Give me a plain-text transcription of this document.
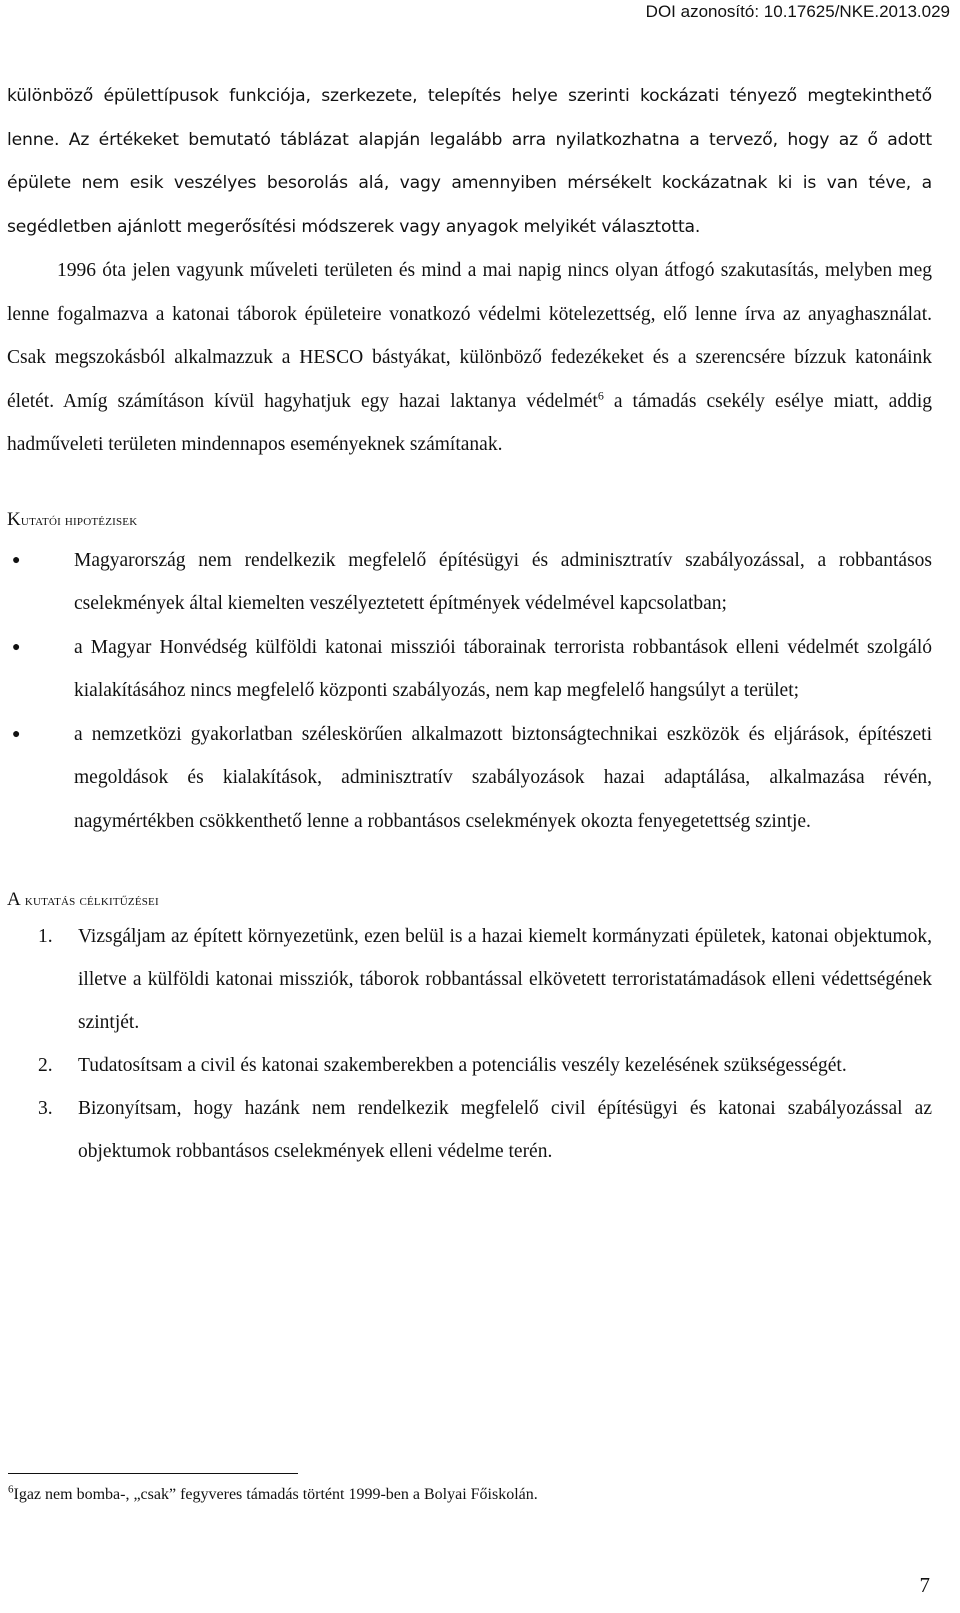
DOI azonosító: 10.17625/NKE.2013.029

különböző épülettípusok funkciója, szerkezete, telepítés helye szerinti kockázati tényező megtekinthető lenne. Az értékeket bemutató táblázat alapján legalább arra nyilatkozhatna a tervező, hogy az ő adott épülete nem esik veszélyes besorolás alá, vagy amennyiben mérsékelt kockázatnak ki is van téve, a segédletben ajánlott megerősítési módszerek vagy anyagok melyikét választotta.

1996 óta jelen vagyunk műveleti területen és mind a mai napig nincs olyan átfogó szakutasítás, melyben meg lenne fogalmazva a katonai táborok épületeire vonatkozó védelmi kötelezettség, elő lenne írva az anyaghasználat. Csak megszokásból alkalmazzuk a HESCO bástyákat, különböző fedezékeket és a szerencsére bízzuk katonáink életét. Amíg számításon kívül hagyhatjuk egy hazai laktanya védelmét$^6$ a támadás csekély esélye miatt, addig hadműveleti területen mindennapos eseményeknek számítanak.

Kutatói hipotézisek
●	Magyarország nem rendelkezik megfelelő építésügyi és adminisztratív szabályozással, a robbantásos cselekmények által kiemelten veszélyeztetett építmények védelmével kapcsolatban;
●	a Magyar Honvédség külföldi katonai missziói táborainak terrorista robbantások elleni védelmét szolgáló kialakításához nincs megfelelő központi szabályozás, nem kap megfelelő hangsúlyt a terület;
●	a nemzetközi gyakorlatban széleskörűen alkalmazott biztonságtechnikai eszközök és eljárások, építészeti megoldások és kialakítások, adminisztratív szabályozások hazai adaptálása, alkalmazása révén, nagymértékben csökkenthető lenne a robbantásos cselekmények okozta fenyegetettség szintje.
A kutatás célkitűzései
1. Vizsgáljam az épített környezetünk, ezen belül is a hazai kiemelt kormányzati épületek, katonai objektumok, illetve a külföldi katonai missziók, táborok robbantással elkövetett terroristatámadások elleni védettségének szintjét.
2. Tudatosítsam a civil és katonai szakemberekben a potenciális veszély kezelésének szükségességét.
3. Bizonyítsam, hogy hazánk nem rendelkezik megfelelő civil építésügyi és katonai szabályozással az objektumok robbantásos cselekmények elleni védelme terén.
$^6$Igaz nem bomba-, „csak” fegyveres támadás történt 1999-ben a Bolyai Főiskolán.
7
